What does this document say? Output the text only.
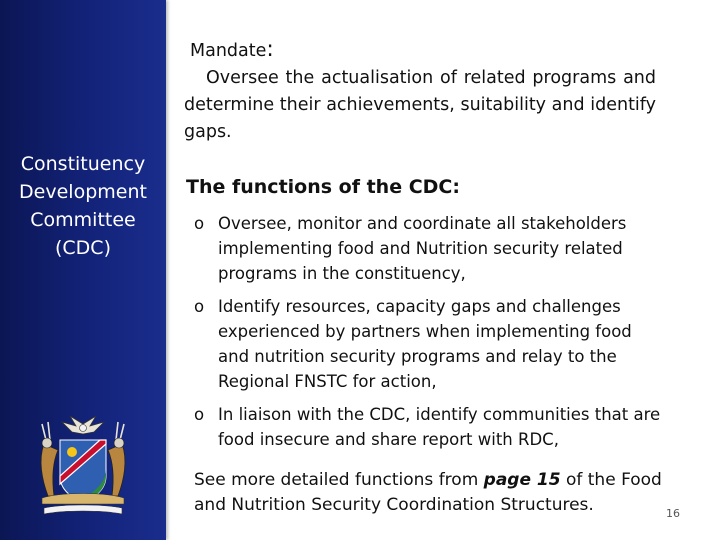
Constituency
Development
Committee
(CDC)
Mandate:
Oversee the actualisation of related programs and determine their achievements, suitability and identify gaps.
The functions of the CDC:
o Oversee, monitor and coordinate all stakeholders implementing food and Nutrition security related programs in the constituency,
o Identify resources, capacity gaps and challenges experienced by partners when implementing food and nutrition security programs and relay to the Regional FNSTC for action,
o In liaison with the CDC, identify communities that are food insecure and share report with RDC,
See more detailed functions from page 15 of the Food and Nutrition Security Coordination Structures.	16
